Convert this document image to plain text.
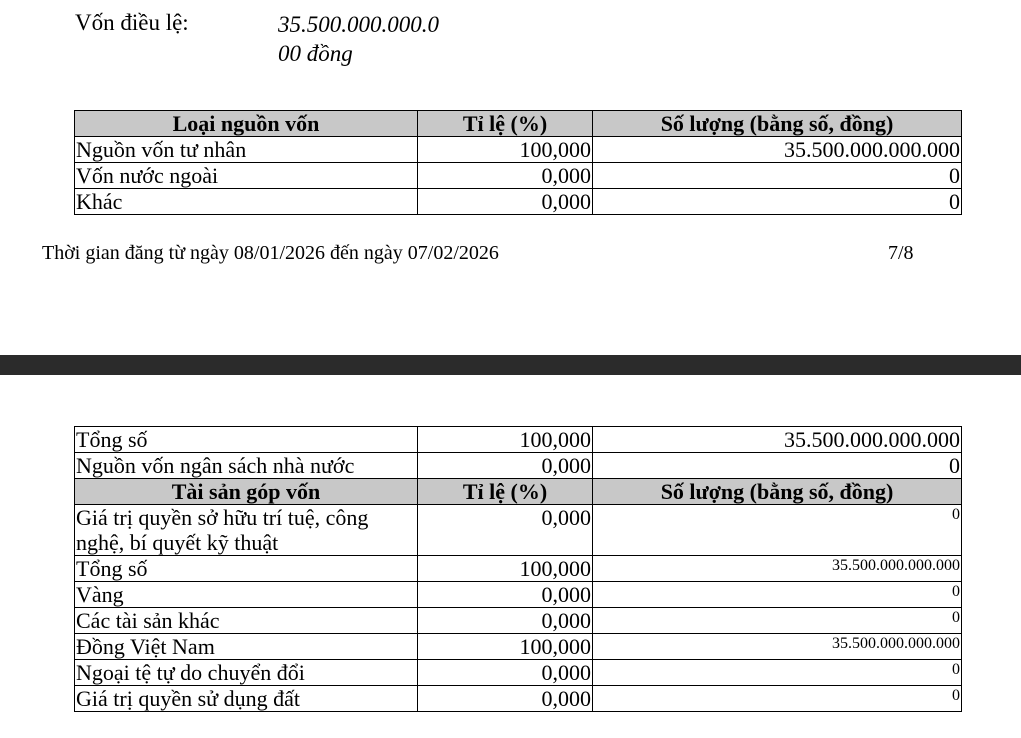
Vốn điều lệ:	35.500.000.000.0
00 đồng
Loại nguồn vốn	Tỉ lệ (%)	Số lượng (bằng số, đồng)
Nguồn vốn tư nhân	100,000	35.500.000.000.000
Vốn nước ngoài	0,000	0
Khác	0,000	0
Thời gian đăng từ ngày 08/01/2026 đến ngày 07/02/2026	7/8
Tổng số	100,000	35.500.000.000.000
Nguồn vốn ngân sách nhà nước	0,000	0
Tài sản góp vốn	Tỉ lệ (%)	Số lượng (bằng số, đồng)
Giá trị quyền sở hữu trí tuệ, công nghệ, bí quyết kỹ thuật	0,000	0
Tổng số	100,000	35.500.000.000.000
Vàng	0,000	0
Các tài sản khác	0,000	0
Đồng Việt Nam	100,000	35.500.000.000.000
Ngoại tệ tự do chuyển đổi	0,000	0
Giá trị quyền sử dụng đất	0,000	0
